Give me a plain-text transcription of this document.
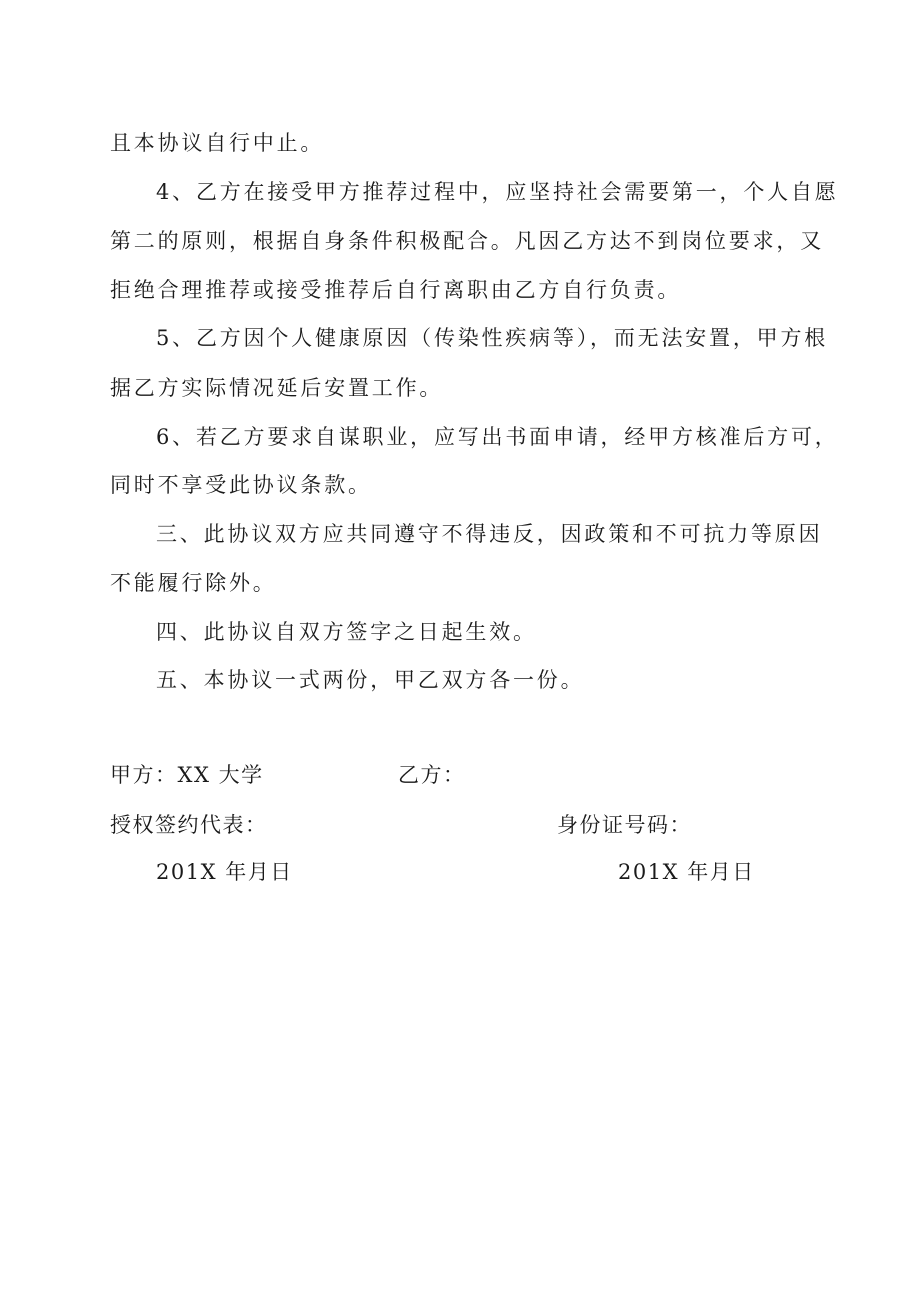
且本协议自行中止。
4、乙方在接受甲方推荐过程中，应坚持社会需要第一，个人自愿
第二的原则，根据自身条件积极配合。凡因乙方达不到岗位要求，又
拒绝合理推荐或接受推荐后自行离职由乙方自行负责。
5、乙方因个人健康原因（传染性疾病等），而无法安置，甲方根
据乙方实际情况延后安置工作。
6、若乙方要求自谋职业，应写出书面申请，经甲方核准后方可，
同时不享受此协议条款。
三、此协议双方应共同遵守不得违反，因政策和不可抗力等原因
不能履行除外。
四、此协议自双方签字之日起生效。
五、本协议一式两份，甲乙双方各一份。
甲方：XX 大学	乙方：
授权签约代表：	身份证号码：
201X 年月日	201X 年月日
